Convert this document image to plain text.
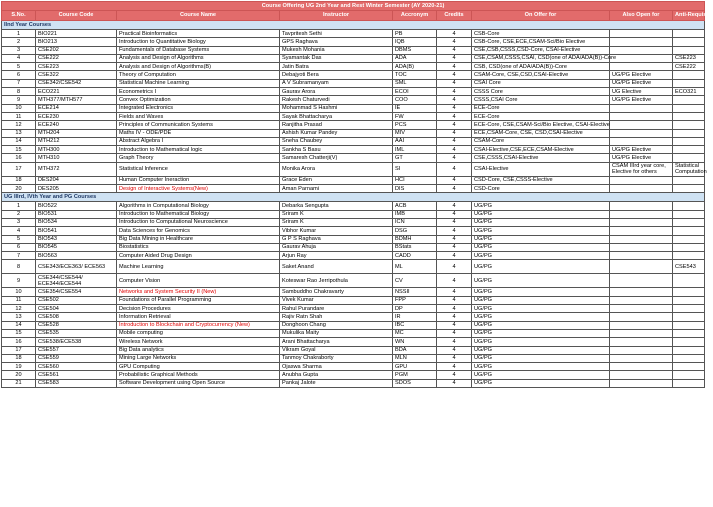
Course Offering UG 2nd Year and Rest Winter Semester (AY 2020-21)								
S.No.	Course Code	Course Name	Instructor	Accronym	Credits	On Offer for	Also Open for	Anti-Requisite
IInd Year Courses								
1	BIO221	Practical Bioinformatics	Tavpritesh Sethi	PB	4	CSB-Core		
2	BIO213	Introduction to Quantitative Biology	GPS Raghava	IQB	4	CSB-Core, CSE,ECE,CSAM-Sci/Bio Elective		
3	CSE202	Fundamentals of Database Systems	Mukesh Mohania	DBMS	4	CSE,CSB,CSSS,CSD-Core, CSAI-Elective		
4	CSE222	Analysis and Design of Algorithms	Syamantak Das	ADA	4	CSE,CSAM,CSSS,CSAI, CSD(one of ADA/ADA(B))-Core		CSE223
5	CSE223	Analysis and Design of Algorithms(B)	Jatin Batra	ADA(B)	4	CSB, CSD(one of ADA/ADA(B))-Core		CSE222
6	CSE322	Theory of Computation	Debajyoti Bera	TOC	4	CSAM-Core, CSE,CSD,CSAI-Elective	UG/PG Elective	
7	CSE342/CSE542	Statistical Machine Learning	A V Subramanyam	SML	4	CSAI Core	UG/PG Elective	
8	ECO221	Econometrics I	Gaurav Arora	ECOI	4	CSSS Core	UG Elective	ECO321
9	MTH377/MTH577	Convex Optimization	Rakesh Chaturvedi	COO	4	CSSS,CSAI Core	UG/PG Elective	
10	ECE214	Integrated Electronics	Mohammad S Hashmi	IE	4	ECE-Core		
11	ECE230	Fields and Waves	Sayak Bhattacharya	FW	4	ECE-Core		
12	ECE240	Principles of Communication Systems	Ranjitha Prasad	PCS	4	ECE-Core, CSE,CSAM-Sci/Bio Elective, CSAI-Elective		
13	MTH204	Maths IV - ODE/PDE	Ashish Kumar Pandey	MIV	4	ECE,CSAM-Core, CSE, CSD,CSAI-Elective		
14	MTH212	Abstract Algebra I	Sneha Chaubey	AAI	4	CSAM-Core		
15	MTH300	Introduction to Mathematical logic	Sankha S Basu	IML	4	CSAI-Elective,CSE,ECE,CSAM-Elective	UG/PG Elective	
16	MTH310	Graph Theory	Samaresh Chatterji(V)	GT	4	CSE,CSSS,CSAI-Elective	UG/PG Elective	
17	MTH372	Statistical Inference	Monika Arora	SI	4	CSAI-Elective	CSAM IIIrd year core, Elective for others	Statistical Computation
18	DES204	Human Computer Ineraction	Grace Eden	HCI	4	CSD-Core, CSE,CSSS-Elective		
20	DES205	Design of Interactive Systems(New)	Aman Parnami	DIS	4	CSD-Core		
UG IIIrd, IVth Year and PG Courses								
1	BIO522	Algorithms in Computational Biology	Debarka Sengupta	ACB	4	UG/PG		
2	BIO531	Introduction to Mathematical Biology	Sriram K	IMB	4	UG/PG		
3	BIO534	Introduction to Computational Neuroscience	Sriram K	ICN	4	UG/PG		
4	BIO541	Data Sciences for Genomics	Vibhor Kumar	DSG	4	UG/PG		
5	BIO543	Big Data Mining in Healthcare	G P S Raghava	BDMH	4	UG/PG		
6	BIO545	Biostatistics	Gaurav Ahuja	BStats	4	UG/PG		
7	BIO563	Computer Aided Drug Design	Arjun Ray	CADD	4	UG/PG		
8	CSE343/ECE363/ ECE563	Machine Learning	Saket Anand	ML	4	UG/PG		CSE543
9	CSE344/CSE544/ ECE344/ECE544	Computer Vision	Koteswar Rao Jerripothula	CV	4	UG/PG		
10	CSE354/CSE554	Networks and System Security II (New)	Sambuddho Chakravarty	NSSII	4	UG/PG		
11	CSE502	Foundations of Parallel Programming	Vivek Kumar	FPP	4	UG/PG		
12	CSE504	Decision Procedures	Rahul Purandare	DP	4	UG/PG		
13	CSE508	Information Retrieval	Rajiv Ratn Shah	IR	4	UG/PG		
14	CSE528	Introduction to Blockchain and Cryptocurrency (New)	Donghoon Chang	IBC	4	UG/PG		
15	CSE535	Mobile computing	Mukulika Maity	MC	4	UG/PG		
16	CSE538/ECE538	Wireless Network	Arani Bhattacharya	WN	4	UG/PG		
17	CSE557	Big Data analytics	Vikram Goyal	BDA	4	UG/PG		
18	CSE559	Mining Large Networks	Tanmoy Chakraborty	MLN	4	UG/PG		
19	CSE560	GPU Computing	Ojaswa Sharma	GPU	4	UG/PG		
20	CSE561	Probabilistic Graphical Methods	Anubha Gupta	PGM	4	UG/PG		
21	CSE583	Software Development using Open Source	Pankaj Jalote	SDOS	4	UG/PG		
